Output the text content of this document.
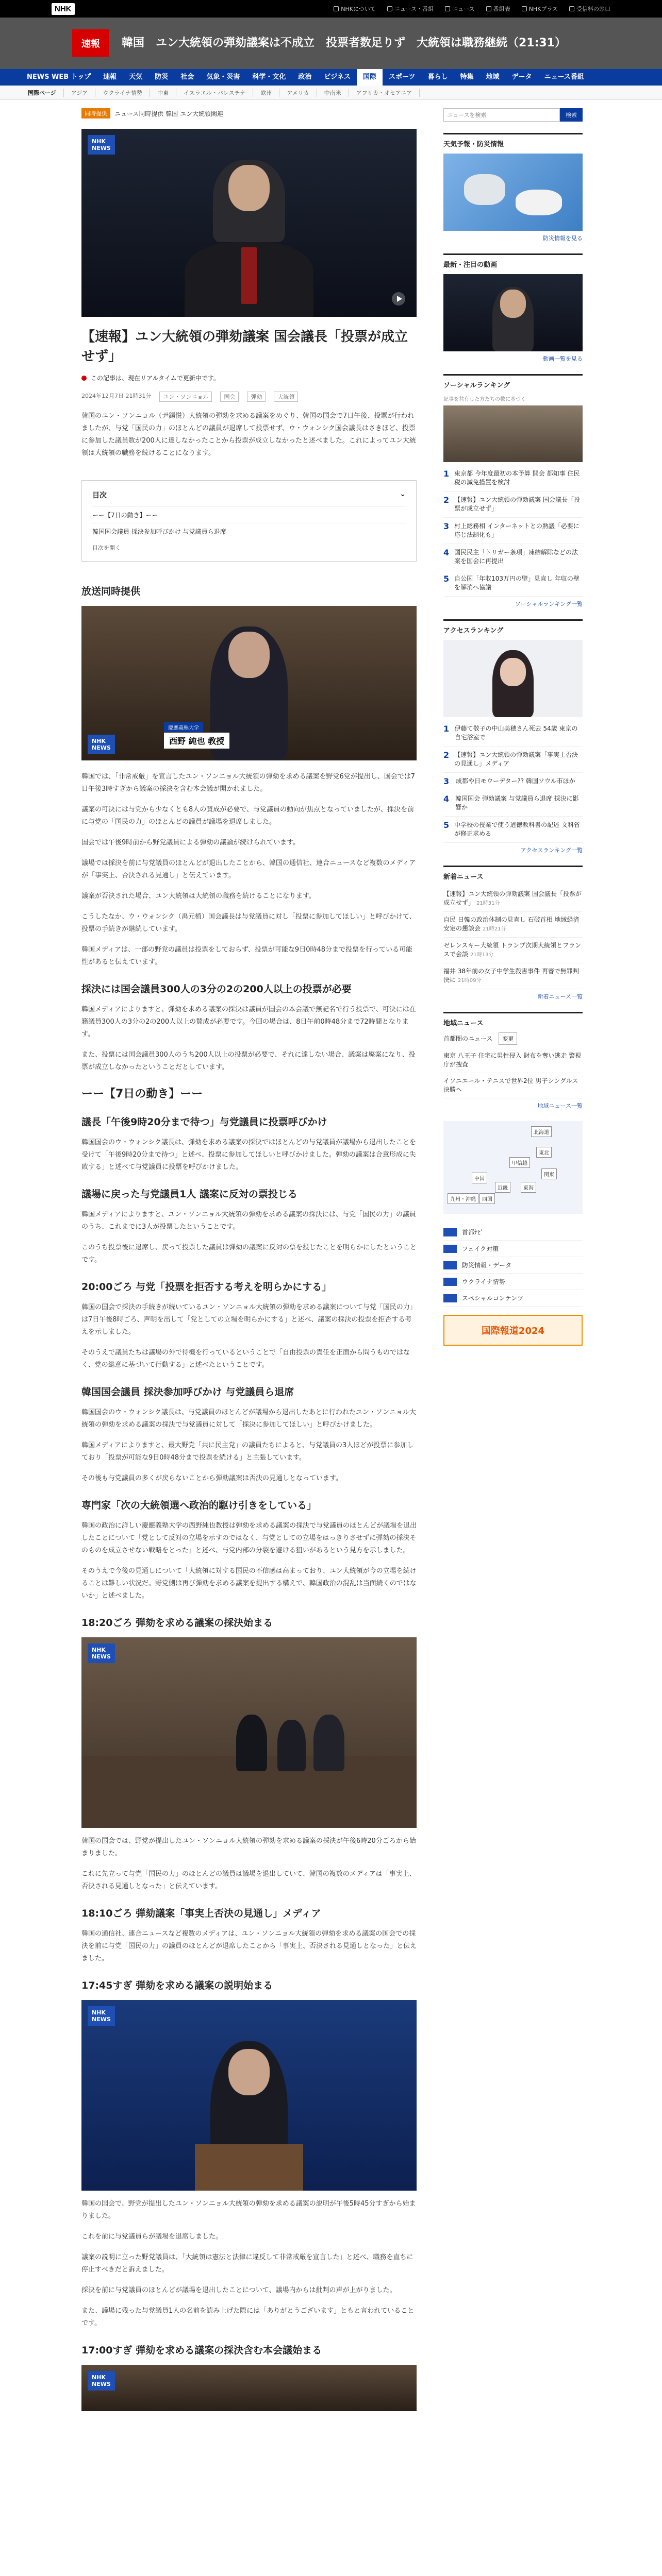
NHK	NHKについて	ニュース・番組	ニュース	番組表	NHKプラス	受信料の窓口
速報	韓国　ユン大統領の弾劾議案は不成立　投票者数足りず　大統領は職務継続（21:31）
NEWS WEB トップ	速報	天気	防災	社会	気象・災害	科学・文化	政治	ビジネス	国際	スポーツ	暮らし	特集	地域	データ	ニュース番組
国際ページ	アジア	ウクライナ情勢	中東	イスラエル・パレスチナ	欧州	アメリカ	中南米	アフリカ・オセアニア
同時提供	ニュース同時提供 韓国 ユン大統領関連
NHK
NEWS
【速報】ユン大統領の弾劾議案 国会議長「投票が成立せず」
この記事は、現在リアルタイムで更新中です。
2024年12月7日 21時31分	ユン・ソンニョル	国会	弾劾	大統領

韓国のユン・ソンニョル（尹錫悦）大統領の弾劾を求める議案をめぐり、韓国の国会で7日午後、投票が行われましたが、与党「国民の力」のほとんどの議員が退席して投票せず、ウ・ウォンシク国会議長はさきほど、投票に参加した議員数が200人に達しなかったことから投票が成立しなかったと述べました。これによってユン大統領は大統領の職務を続けることになります。

目次	⌄
ーー【7日の動き】ーー
韓国国会議員 採決参加呼びかけ 与党議員ら退席
目次を開く
放送同時提供
西野 純也 教授
慶應義塾大学
NHK
NEWS

韓国では、「非常戒厳」を宣言したユン・ソンニョル大統領の弾劾を求める議案を野党6党が提出し、国会では7日午後3時すぎから議案の採決を含む本会議が開かれました。

議案の可決には与党から少なくとも8人の賛成が必要で、与党議員の動向が焦点となっていましたが、採決を前に与党の「国民の力」のほとんどの議員が議場を退席しました。

国会では午後9時前から野党議員による弾劾の議論が続けられています。

議場では採決を前に与党議員のほとんどが退出したことから、韓国の通信社、連合ニュースなど複数のメディアが「事実上、否決される見通し」と伝えています。

議案が否決された場合、ユン大統領は大統領の職務を続けることになります。

こうしたなか、ウ・ウォンシク（禹元植）国会議長は与党議員に対し「投票に参加してほしい」と呼びかけて、投票の手続きが継続しています。

韓国メディアは、一部の野党の議員は投票をしておらず、投票が可能な9日0時48分まで投票を行っている可能性があると伝えています。

採決には国会議員300人の3分の2の200人以上の投票が必要

韓国メディアによりますと、弾劾を求める議案の採決は議員が国会の本会議で無記名で行う投票で、可決には在籍議員300人の3分の2の200人以上の賛成が必要です。今回の場合は、8日午前0時48分まで72時間となります。

また、投票には国会議員300人のうち200人以上の投票が必要で、それに達しない場合、議案は廃案になり、投票が成立しなかったということだとしています。

ーー【7日の動き】ーー
議長「午後9時20分まで待つ」与党議員に投票呼びかけ

韓国国会のウ・ウォンシク議長は、弾劾を求める議案の採決ではほとんどの与党議員が議場から退出したことを受けて「午後9時20分まで待つ」と述べ、投票に参加してほしいと呼びかけました。弾劾の議案は合意形成に失敗する」と述べて与党議員に投票を呼びかけました。

議場に戻った与党議員1人 議案に反対の票投じる

韓国メディアによりますと、ユン・ソンニョル大統領の弾劾を求める議案の採決には、与党「国民の力」の議員のうち、これまでに3人が投票したということです。

このうち投票後に退席し、戻って投票した議員は弾劾の議案に反対の票を投じたことを明らかにしたということです。

20:00ごろ 与党「投票を拒否する考えを明らかにする」

韓国の国会で採決の手続きが続いているユン・ソンニョル大統領の弾劾を求める議案について与党「国民の力」は7日午後8時ごろ、声明を出して「党としての立場を明らかにする」と述べ、議案の採決の投票を拒否する考えを示しました。

そのうえで議員たちは議場の外で待機を行っているということで「自由投票の責任を正面から問うものではなく、党の総意に基づいて行動する」と述べたということです。

韓国国会議員 採決参加呼びかけ 与党議員ら退席

韓国国会のウ・ウォンシク議長は、与党議員のほとんどが議場から退出したあとに行われたユン・ソンニョル大統領の弾劾を求める議案の採決で与党議員に対して「採決に参加してほしい」と呼びかけました。

韓国メディアによりますと、最大野党「共に民主党」の議員たちによると、与党議員の3人ほどが投票に参加しており「投票が可能な9日0時48分まで投票を続ける」と主張しています。

その後も与党議員の多くが戻らないことから弾劾議案は否決の見通しとなっています。

専門家「次の大統領選へ政治的駆け引きをしている」

韓国の政治に詳しい慶應義塾大学の西野純也教授は弾劾を求める議案の採決で与党議員のほとんどが議場を退出したことについて「党として反対の立場を示すのではなく、与党としての立場をはっきりさせずに弾劾の採決そのものを成立させない戦略をとった」と述べ、与党内部の分裂を避ける狙いがあるという見方を示しました。

そのうえで今後の見通しについて「大統領に対する国民の不信感は高まっており、ユン大統領が今の立場を続けることは難しい状況だ。野党側は再び弾劾を求める議案を提出する構えで、韓国政治の混乱は当面続くのではないか」と述べました。

18:20ごろ 弾劾を求める議案の採決始まる
NHK
NEWS

韓国の国会では、野党が提出したユン・ソンニョル大統領の弾劾を求める議案の採決が午後6時20分ごろから始まりました。

これに先立って与党「国民の力」のほとんどの議員は議場を退出していて、韓国の複数のメディアは「事実上、否決される見通しとなった」と伝えています。

18:10ごろ 弾劾議案「事実上否決の見通し」メディア

韓国の通信社、連合ニュースなど複数のメディアは、ユン・ソンニョル大統領の弾劾を求める議案の国会での採決を前に与党「国民の力」の議員のほとんどが退席したことから「事実上、否決される見通しとなった」と伝えました。

17:45すぎ 弾劾を求める議案の説明始まる
NHK
NEWS

韓国の国会で、野党が提出したユン・ソンニョル大統領の弾劾を求める議案の説明が午後5時45分すぎから始まりました。

これを前に与党議員らが議場を退席しました。

議案の説明に立った野党議員は、「大統領は憲法と法律に違反して非常戒厳を宣言した」と述べ、職務を直ちに停止すべきだと訴えました。

採決を前に与党議員のほとんどが議場を退出したことについて、議場内からは批判の声が上がりました。

また、議場に残った与党議員1人の名前を読み上げた際には「ありがとうございます」ともと言われていることです。

17:00すぎ 弾劾を求める議案の採決含む本会議始まる
NHK
NEWS
ニュースを検索
検索
天気予報・防災情報
防災情報を見る
最新・注目の動画
動画一覧を見る
ソーシャルランキング
記事を共有した方たちの数に基づく
1 東京都 今年度最初の本予算 開会 都知事 住民税の減免措置を検討
2 【速報】ユン大統領の弾劾議案 国会議長「投票が成立せず」
3 村上総務相 インターネットとの熟議「必要に応じ法制化も」
4 国民民主「トリガー条項」凍結解除などの法案を国会に再提出
5 自公国「年収103万円の壁」見直し 年収の壁を解消へ協議
ソーシャルランキング一覧
アクセスランキング
1 伊藤て敬子の中山美穂さん死去 54歳 東京の自宅浴室で
2 【速報】ユン大統領の弾劾議案「事実上否決の見通し」メディア
3 成都や日モウーデター?? 韓国ソウル市ほか
4 韓国国会 弾劾議案 与党議員ら退席 採決に影響か
5 中学校の授業で使う道徳教科書の記述 文科省が修正求める
アクセスランキング一覧
新着ニュース
【速報】ユン大統領の弾劾議案 国会議長「投票が成立せず」 21時31分
自民 日韓の政治体制の見直し 石破首相 地域経済安定の懇談会 21時21分
ゼレンスキー大統領 トランプ次期大統領とフランスで会談 21時13分
福井 38年前の女子中学生殺害事件 再審で無罪判決に 21時09分
新着ニュース一覧
地域ニュース
首都圏のニュース 変更
東京 八王子 住宅に男性侵入 財布を奪い逃走 警視庁が捜査
イソニエール・テニスで世界2位 男子シングルス決勝へ
地域ニュース一覧
北海道
東北
関東
甲信越
東海
近畿
中国
四国
九州・沖縄
首都ﾅﾋﾞ
フェイク対策
防災情報・データ
ウクライナ情勢
スペシャルコンテンツ
国際報道2024
